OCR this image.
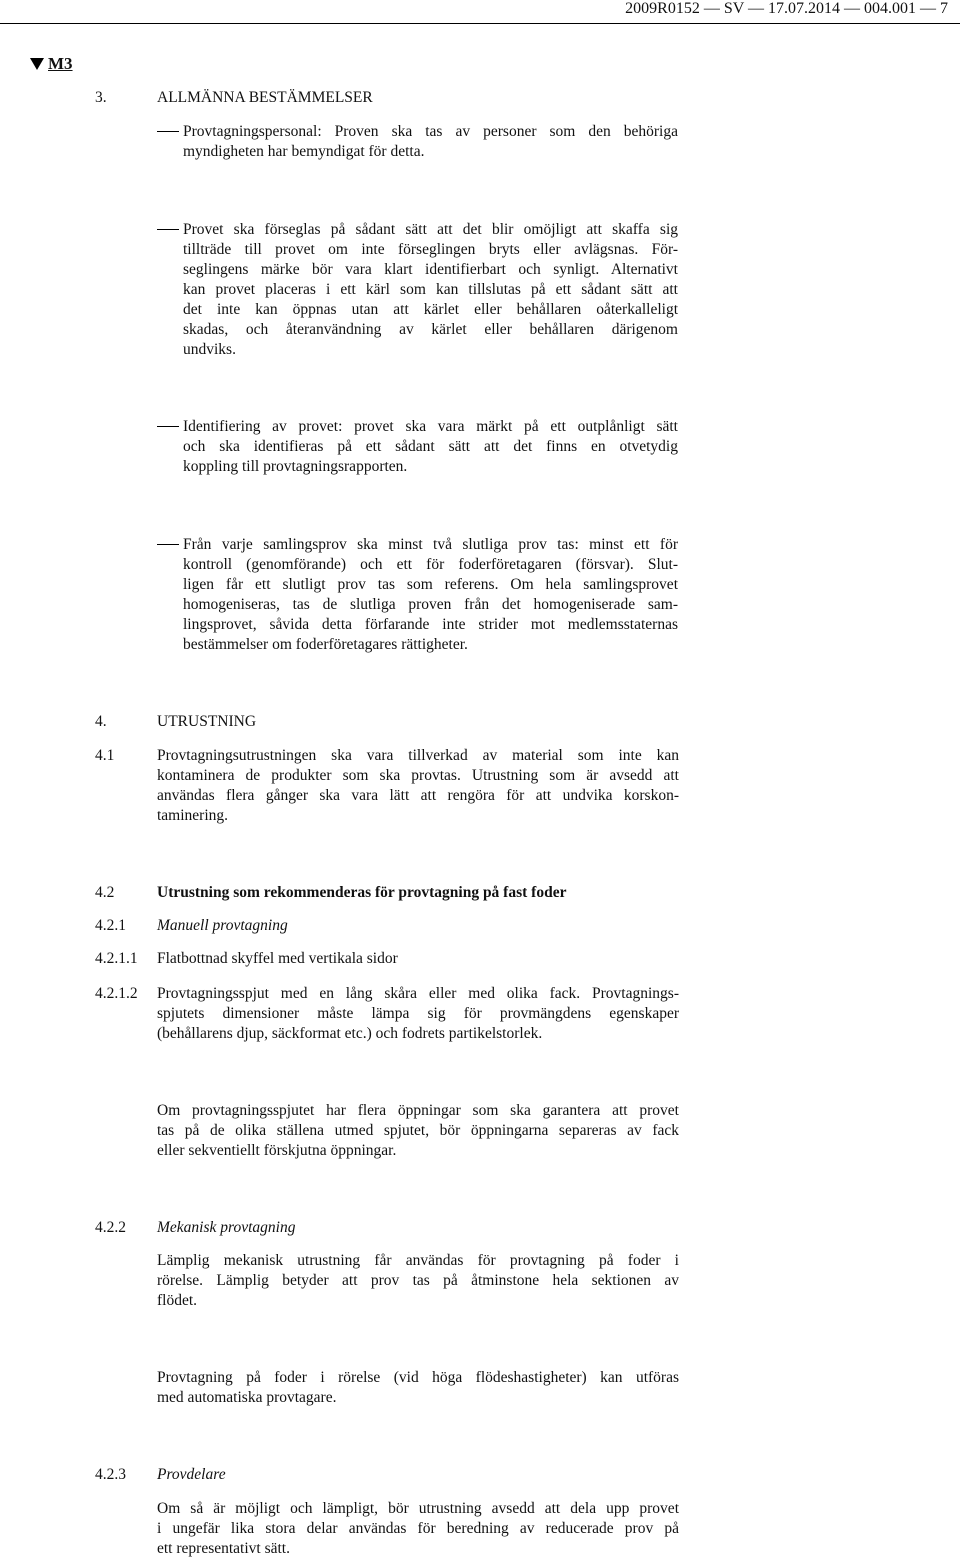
2009R0152 — SV — 17.07.2014 — 004.001 — 7
M3
3.	ALLMÄNNA BESTÄMMELSER
Provtagningspersonal: Proven ska tas av personer som den behöriga
myndigheten har bemyndigat för detta.
Provet ska förseglas på sådant sätt att det blir omöjligt att skaffa sig
tillträde till provet om inte förseglingen bryts eller avlägsnas. För-
seglingens märke bör vara klart identifierbart och synligt. Alternativt
kan provet placeras i ett kärl som kan tillslutas på ett sådant sätt att
det inte kan öppnas utan att kärlet eller behållaren oåterkalleligt
skadas, och återanvändning av kärlet eller behållaren därigenom
undviks.
Identifiering av provet: provet ska vara märkt på ett outplånligt sätt
och ska identifieras på ett sådant sätt att det finns en otvetydig
koppling till provtagningsrapporten.
Från varje samlingsprov ska minst två slutliga prov tas: minst ett för
kontroll (genomförande) och ett för foderföretagaren (försvar). Slut-
ligen får ett slutligt prov tas som referens. Om hela samlingsprovet
homogeniseras, tas de slutliga proven från det homogeniserade sam-
lingsprovet, såvida detta förfarande inte strider mot medlemsstaternas
bestämmelser om foderföretagares rättigheter.
4.	UTRUSTNING
4.1	Provtagningsutrustningen ska vara tillverkad av material som inte kan
kontaminera de produkter som ska provtas. Utrustning som är avsedd att
användas flera gånger ska vara lätt att rengöra för att undvika korskon-
taminering.
4.2	Utrustning som rekommenderas för provtagning på fast foder
4.2.1 Manuell provtagning
4.2.1.1 Flatbottnad skyffel med vertikala sidor
4.2.1.2 Provtagningsspjut med en lång skåra eller med olika fack. Provtagnings-
spjutets dimensioner måste lämpa sig för provmängdens egenskaper
(behållarens djup, säckformat etc.) och fodrets partikelstorlek.
Om provtagningsspjutet har flera öppningar som ska garantera att provet
tas på de olika ställena utmed spjutet, bör öppningarna separeras av fack
eller sekventiellt förskjutna öppningar.
4.2.2 Mekanisk provtagning
Lämplig mekanisk utrustning får användas för provtagning på foder i
rörelse. Lämplig betyder att prov tas på åtminstone hela sektionen av
flödet.
Provtagning på foder i rörelse (vid höga flödeshastigheter) kan utföras
med automatiska provtagare.
4.2.3 Provdelare
Om så är möjligt och lämpligt, bör utrustning avsedd att dela upp provet
i ungefär lika stora delar användas för beredning av reducerade prov på
ett representativt sätt.
